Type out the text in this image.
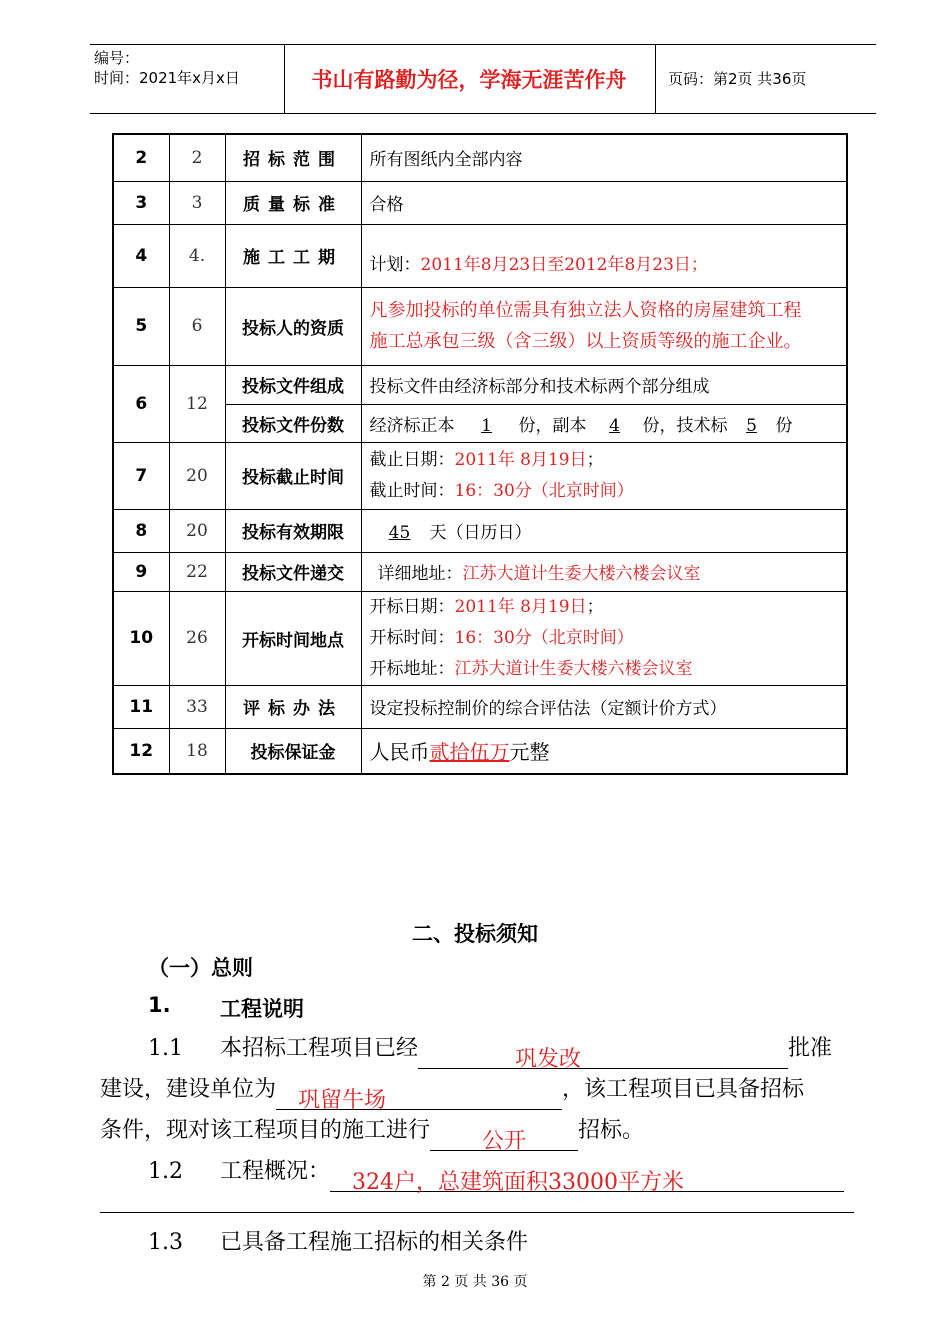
编号：
时间：2021年x月x日	书山有路勤为径，学海无涯苦作舟	页码：第2页 共36页
2	2	招标范围	所有图纸内全部内容
3	3	质量标准	合格
4	4.	施工工期	计划：2011年8月23日至2012年8月23日；
5	6	投标人的资质	凡参加投标的单位需具有独立法人资格的房屋建筑工程
施工总承包三级（含三级）以上资质等级的施工企业。

6	12	投标文件组成	投标文件由经济标部分和技术标两个部分组成
		投标文件份数	经济标正本 1 份，副本 4 份，技术标 5 份
7	20	投标截止时间	截止日期：2011年 8月19日；
截止时间：16：30分（北京时间）

8	20	投标有效期限	45 天（日历日）
9	22	投标文件递交	详细地址：江苏大道计生委大楼六楼会议室
10	26	开标时间地点	开标日期：2011年 8月19日；
开标时间：16：30分（北京时间）
开标地址：江苏大道计生委大楼六楼会议室

11	33	评标办法	设定投标控制价的综合评估法（定额计价方式）
12	18	投标保证金	人民币贰拾伍万元整
二、投标须知
（一）总则
1. 工程说明
1.1 本招标工程项目已经	巩发改	批准
建设，建设单位为 巩留牛场	，该工程项目已具备招标
条件，现对该工程项目的施工进行 公开 招标。
1.2 工程概况： 324户，总建筑面积33000平方米
1.3 已具备工程施工招标的相关条件
第 2 页 共 36 页
